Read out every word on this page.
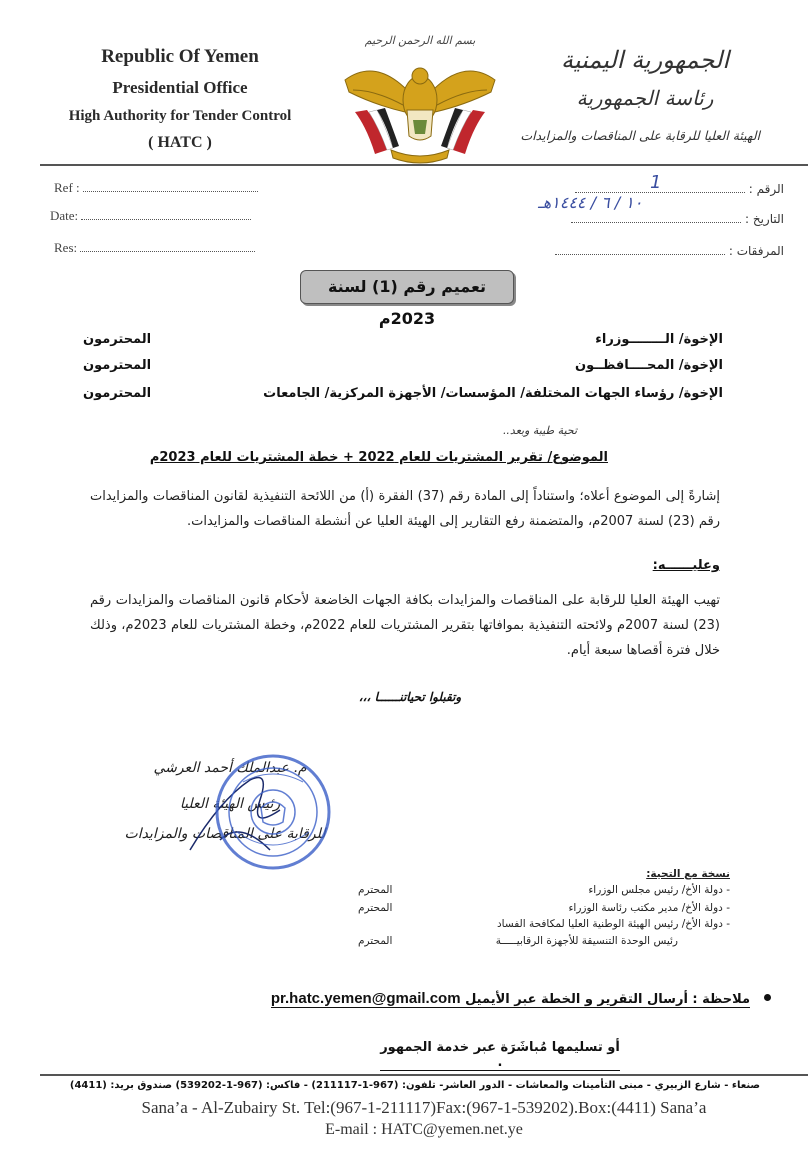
Republic Of Yemen
Presidential Office
High Authority for Tender Control
( HATC )
بسم الله الرحمن الرحيم
الجمهورية اليمنية
رئاسة الجمهورية
الهيئة العليا للرقابة على المناقصات والمزايدات
Ref :
Date:
Res:
الرقم :
1
التاريخ :
١٠ / ٦ / ١٤٤٤هـ
المرفقات :
تعميم رقم (1) لسنة 2023م
الإخوة/ الــــــــوزراء
المحترمون
الإخوة/ المحــــافظــون
المحترمون
الإخوة/ رؤساء الجهات المختلفة/ المؤسسات/ الأجهزة المركزية/ الجامعات
المحترمون
تحية طيبة وبعد..
الموضوع/ تقرير المشتريات للعام 2022 + خطة المشتريات للعام 2023م
إشارةً إلى الموضوع أعلاه؛ واستناداً إلى المادة رقم (37) الفقرة (أ) من اللائحة التنفيذية لقانون المناقصات والمزايدات رقم (23) لسنة 2007م، والمتضمنة رفع التقارير إلى الهيئة العليا عن أنشطة المناقصات والمزايدات.
وعليــــــه:
تهيب الهيئة العليا للرقابة على المناقصات والمزايدات بكافة الجهات الخاضعة لأحكام قانون المناقصات والمزايدات رقم (23) لسنة 2007م ولائحته التنفيذية بموافاتها بتقرير المشتريات للعام 2022م، وخطة المشتريات للعام 2023م، وذلك خلال فترة أقصاها سبعة أيام.
وتقبلوا تحياتنــــــا ،،،
م. عبدالملك أحمد العرشي
رئيس الهيئة العليا
للرقابة على المناقصات والمزايدات
نسخة مع التحية:
- دولة الأخ/ رئيس مجلس الوزراء
المحترم
- دولة الأخ/ مدير مكتب رئاسة الوزراء
المحترم
- دولة الأخ/ رئيس الهيئة الوطنية العليا لمكافحة الفساد
رئيس الوحدة التنسيقة للأجهزة الرقابيـــــة
المحترم
ملاحظة : أرسال التقرير و الخطة عبر الأيميل pr.hatc.yemen@gmail.com
أو تسليمها مُباشَرَة عبر خدمة الجمهور .
صنعاء - شارع الزبيري - مبنى التأمينات والمعاشات - الدور العاشر- تلفون: (967-1-211117) - فاكس: (967-1-539202) صندوق بريد: (4411)
Sana’a - Al-Zubairy St. Tel:(967-1-211117)Fax:(967-1-539202).Box:(4411) Sana’a
E-mail : HATC@yemen.net.ye
